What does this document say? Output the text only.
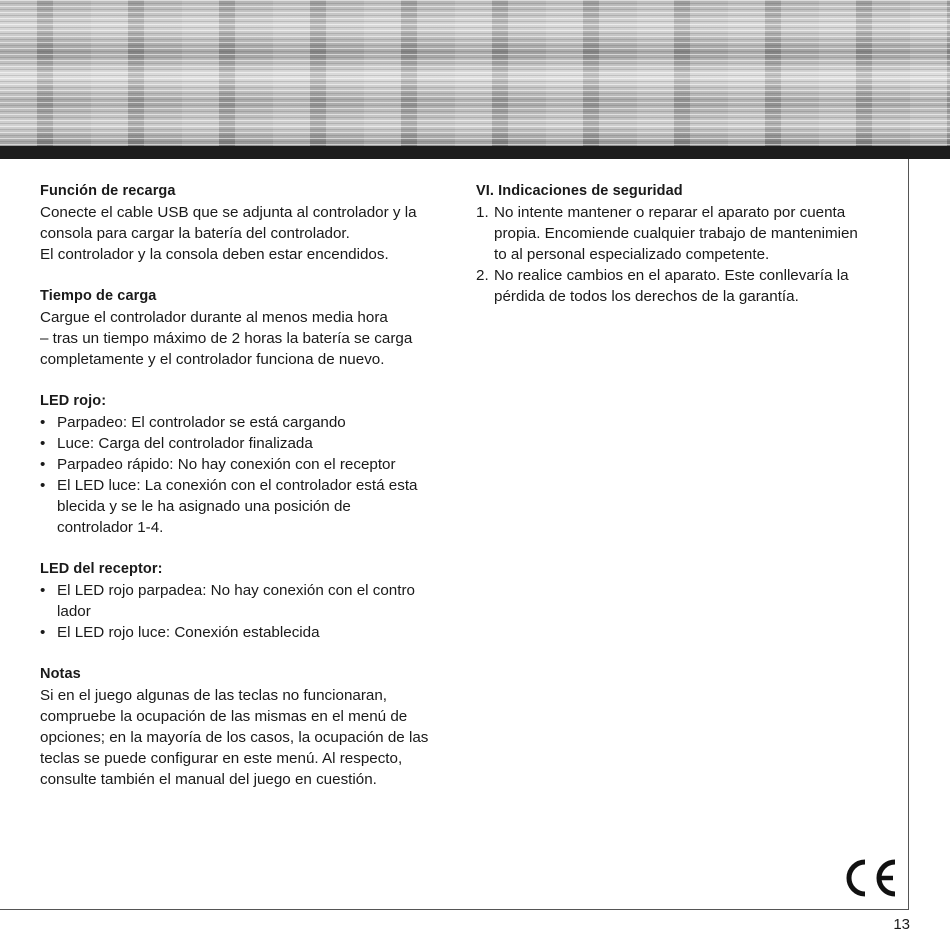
Función de recarga
Conecte el cable USB que se adjunta al controlador y la
consola para cargar la batería del controlador.
El controlador y la consola deben estar encendidos.
Tiempo de carga
Cargue el controlador durante al menos media hora
– tras un tiempo máximo de 2 horas la batería se carga
completamente y el controlador funciona de nuevo.
LED rojo:
• Parpadeo: El controlador se está cargando
• Luce: Carga del controlador finalizada
• Parpadeo rápido: No hay conexión con el receptor
• El LED luce: La conexión con el controlador está esta
blecida y se le ha asignado una posición de
controlador 1-4.
LED del receptor:
• El LED rojo parpadea: No hay conexión con el contro
lador
• El LED rojo luce: Conexión establecida
Notas
Si en el juego algunas de las teclas no funcionaran,
compruebe la ocupación de las mismas en el menú de
opciones; en la mayoría de los casos, la ocupación de las
teclas se puede configurar en este menú. Al respecto,
consulte también el manual del juego en cuestión.
VI. Indicaciones de seguridad
1. No intente mantener o reparar el aparato por cuenta
propia. Encomiende cualquier trabajo de mantenimien
to al personal especializado competente.
2. No realice cambios en el aparato. Este conllevaría la
pérdida de todos los derechos de la garantía.
13
